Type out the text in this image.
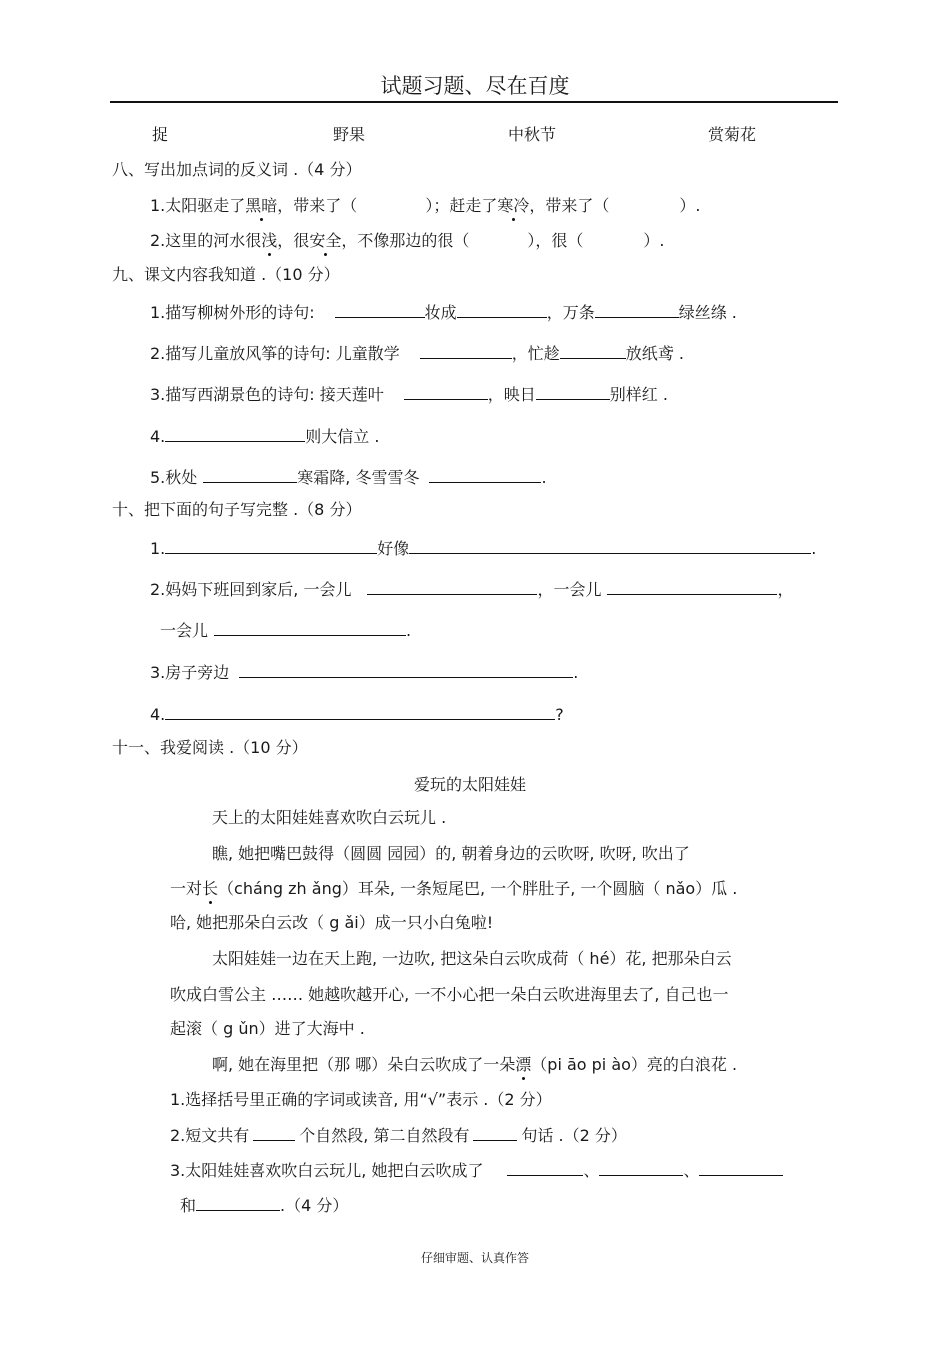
试题习题、尽在百度
捉	野果	中秋节	赏菊花
八、写出加点词的反义词 .（4 分）
1.太阳驱走了黑暗，带来了（	）；赶走了寒冷，带来了（	）.
2.这里的河水很浅，很安全，不像那边的很（	），很（	）.
九、课文内容我知道 .（10 分）
1.描写柳树外形的诗句:	妆成	，万条	绿丝绦 .
2.描写儿童放风筝的诗句: 儿童散学	，忙趁	放纸鸢 .
3.描写西湖景色的诗句: 接天莲叶	，映日	别样红 .
4.	则大信立 .
5.秋处	寒霜降, 冬雪雪冬	.
十、把下面的句子写完整 .（8 分）
1.	好像	.
2.妈妈下班回到家后, 一会儿	，一会儿	，
一会儿	.
3.房子旁边	.
4.	?
十一、我爱阅读 .（10 分）
爱玩的太阳娃娃
天上的太阳娃娃喜欢吹白云玩儿 .
瞧, 她把嘴巴鼓得（圆圆 园园）的, 朝着身边的云吹呀, 吹呀, 吹出了
一对长（cháng zh ǎng）耳朵, 一条短尾巴, 一个胖肚子, 一个圆脑（ nǎo）瓜 .
哈, 她把那朵白云改（ g ǎi）成一只小白兔啦!
太阳娃娃一边在天上跑, 一边吹, 把这朵白云吹成荷（ hé）花, 把那朵白云
吹成白雪公主 …… 她越吹越开心, 一不小心把一朵白云吹进海里去了, 自己也一
起滚（ g ǔn）进了大海中 .
啊, 她在海里把（那 哪）朵白云吹成了一朵漂（pi āo pi ào）亮的白浪花 .
1.选择括号里正确的字词或读音, 用“√”表示 .（2 分）
2.短文共有	个自然段, 第二自然段有	句话 .（2 分）
3.太阳娃娃喜欢吹白云玩儿, 她把白云吹成了	、	、
和	.（4 分）
仔细审题、认真作答
